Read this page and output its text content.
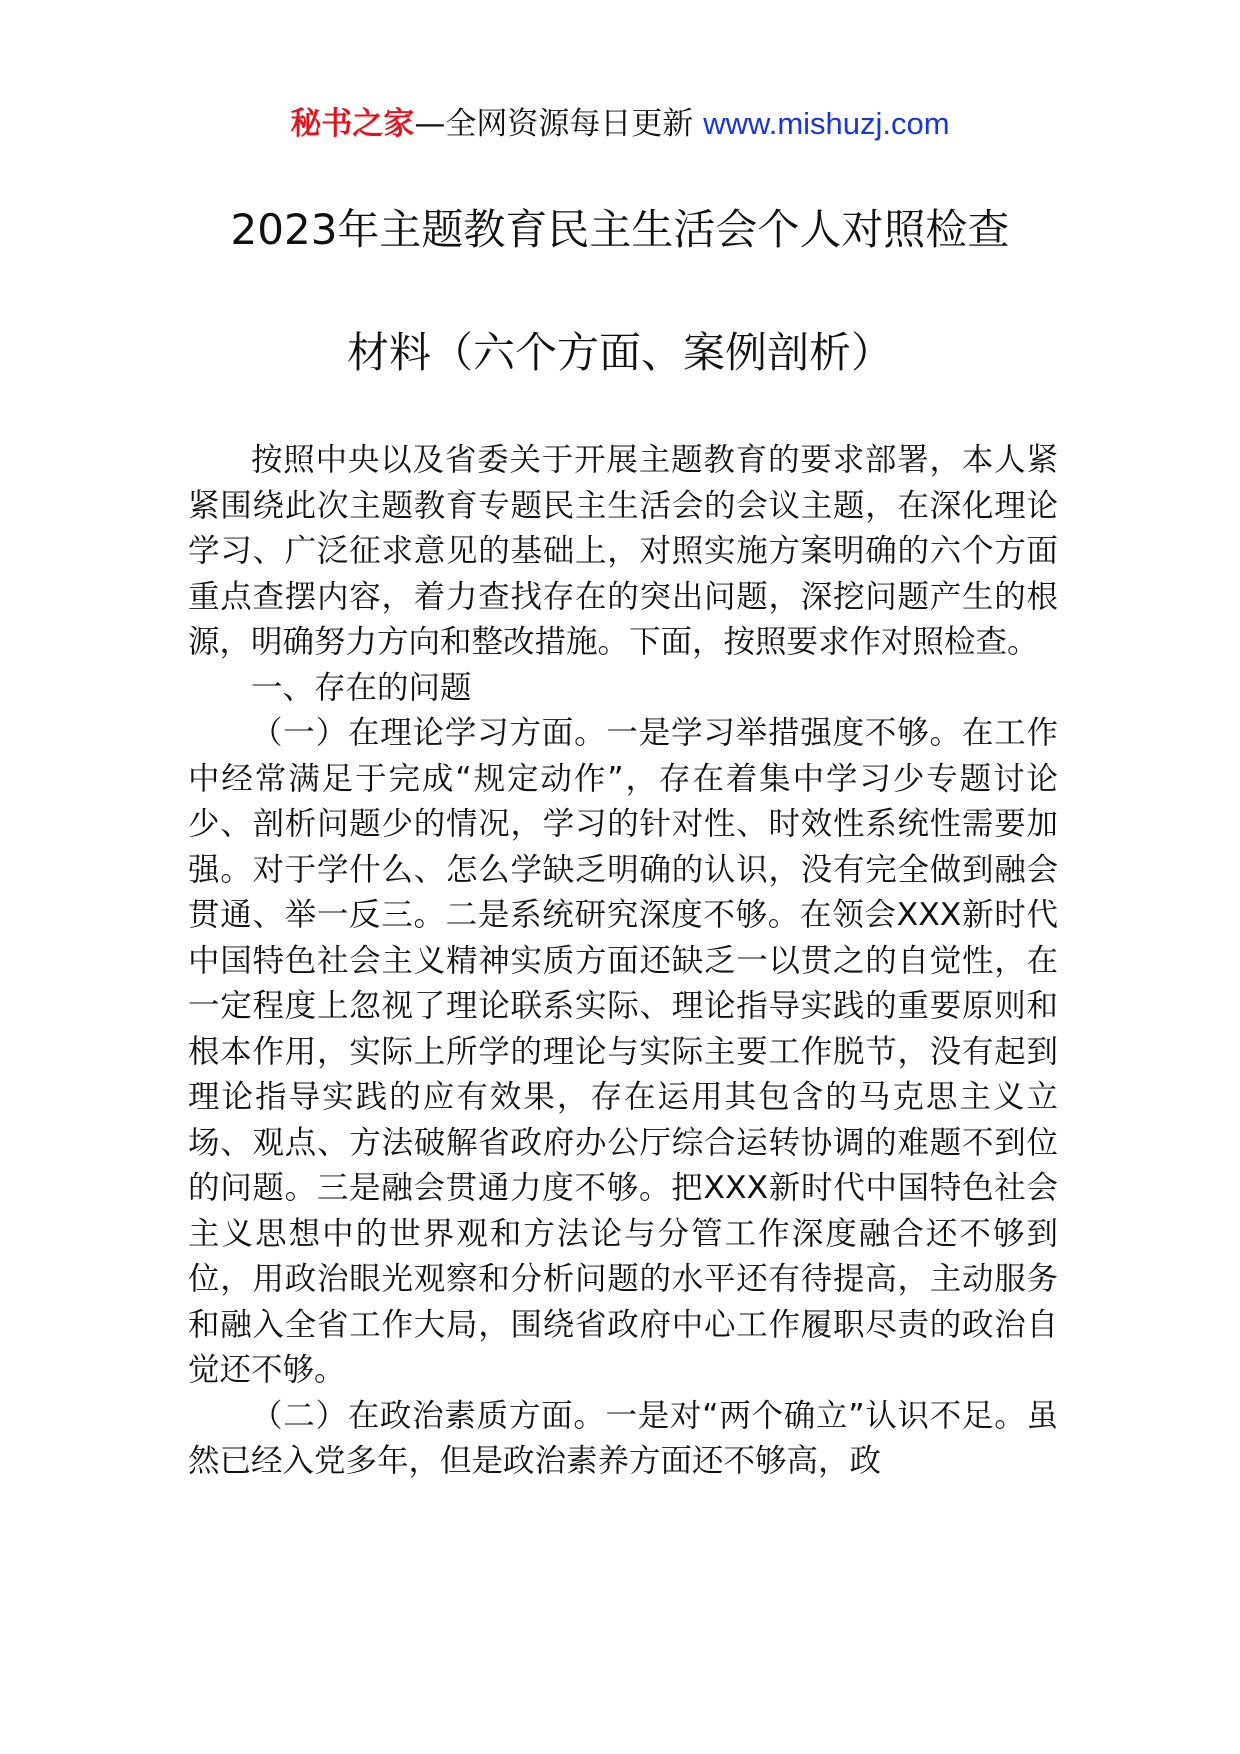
秘书之家—全网资源每日更新 www.mishuzj.com
2023年主题教育民主生活会个人对照检查
材料（六个方面、案例剖析）

按照中央以及省委关于开展主题教育的要求部署，本人紧紧围绕此次主题教育专题民主生活会的会议主题，在深化理论学习、广泛征求意见的基础上，对照实施方案明确的六个方面重点查摆内容，着力查找存在的突出问题，深挖问题产生的根源，明确努力方向和整改措施。下面，按照要求作对照检查。

一、存在的问题

（一）在理论学习方面。一是学习举措强度不够。在工作中经常满足于完成“规定动作”，存在着集中学习少专题讨论少、剖析问题少的情况，学习的针对性、时效性系统性需要加强。对于学什么、怎么学缺乏明确的认识，没有完全做到融会贯通、举一反三。二是系统研究深度不够。在领会XXX新时代中国特色社会主义精神实质方面还缺乏一以贯之的自觉性，在一定程度上忽视了理论联系实际、理论指导实践的重要原则和根本作用，实际上所学的理论与实际主要工作脱节，没有起到理论指导实践的应有效果，存在运用其包含的马克思主义立场、观点、方法破解省政府办公厅综合运转协调的难题不到位的问题。三是融会贯通力度不够。把XXX新时代中国特色社会主义思想中的世界观和方法论与分管工作深度融合还不够到位，用政治眼光观察和分析问题的水平还有待提高，主动服务和融入全省工作大局，围绕省政府中心工作履职尽责的政治自觉还不够。

（二）在政治素质方面。一是对“两个确立”认识不足。虽然已经入党多年，但是政治素养方面还不够高，政
